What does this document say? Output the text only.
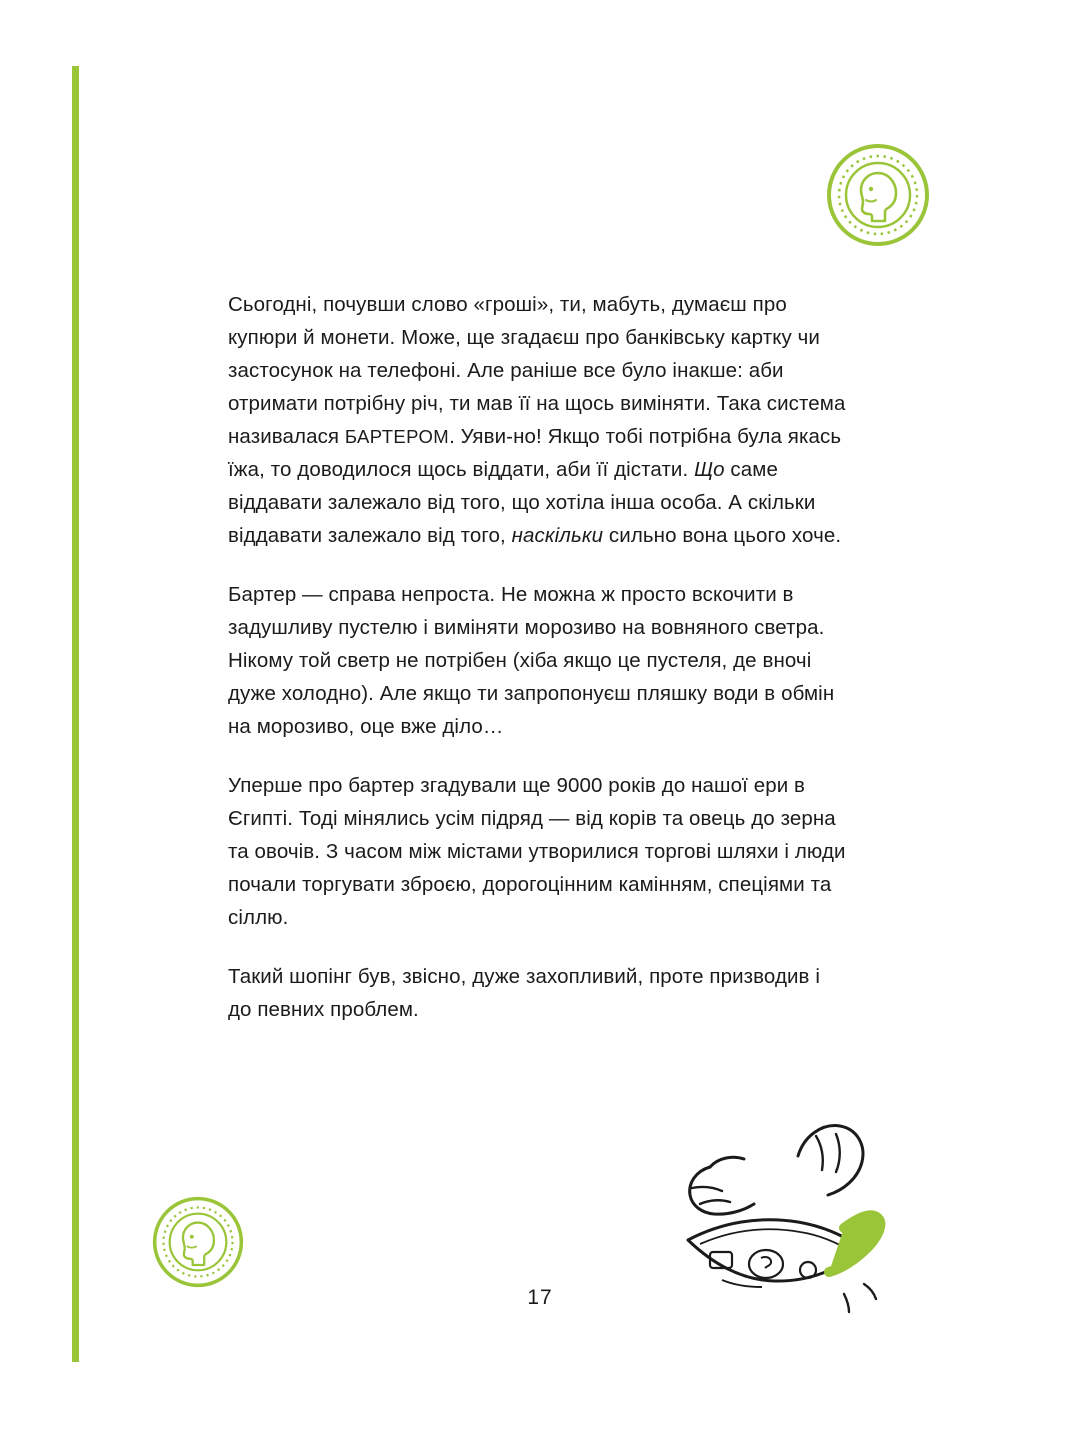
Сьогодні, почувши слово «гроші», ти, мабуть, думаєш про купюри й монети. Може, ще згадаєш про банківську картку чи застосунок на телефоні. Але раніше все було інакше: аби отримати потрібну річ, ти мав її на щось виміняти. Така система називалася БАРТЕРОМ. Уяви-но! Якщо тобі потрібна була якась їжа, то доводилося щось віддати, аби її дістати. Що саме віддавати залежало від того, що хотіла інша особа. А скільки віддавати залежало від того, наскільки сильно вона цього хоче.

Бартер — справа непроста. Не можна ж просто вскочити в задушливу пустелю і виміняти морозиво на вовняного светра. Нікому той светр не потрібен (хіба якщо це пустеля, де вночі дуже холодно). Але якщо ти запропонуєш пляшку води в обмін на морозиво, оце вже діло…

Уперше про бартер згадували ще 9000 років до нашої ери в Єгипті. Тоді мінялись усім підряд — від корів та овець до зерна та овочів. З часом між містами утворилися торгові шляхи і люди почали торгувати зброєю, дорогоцінним камінням, спеціями та сіллю.

Такий шопінг був, звісно, дуже захопливий, проте призводив і до певних проблем.

17
